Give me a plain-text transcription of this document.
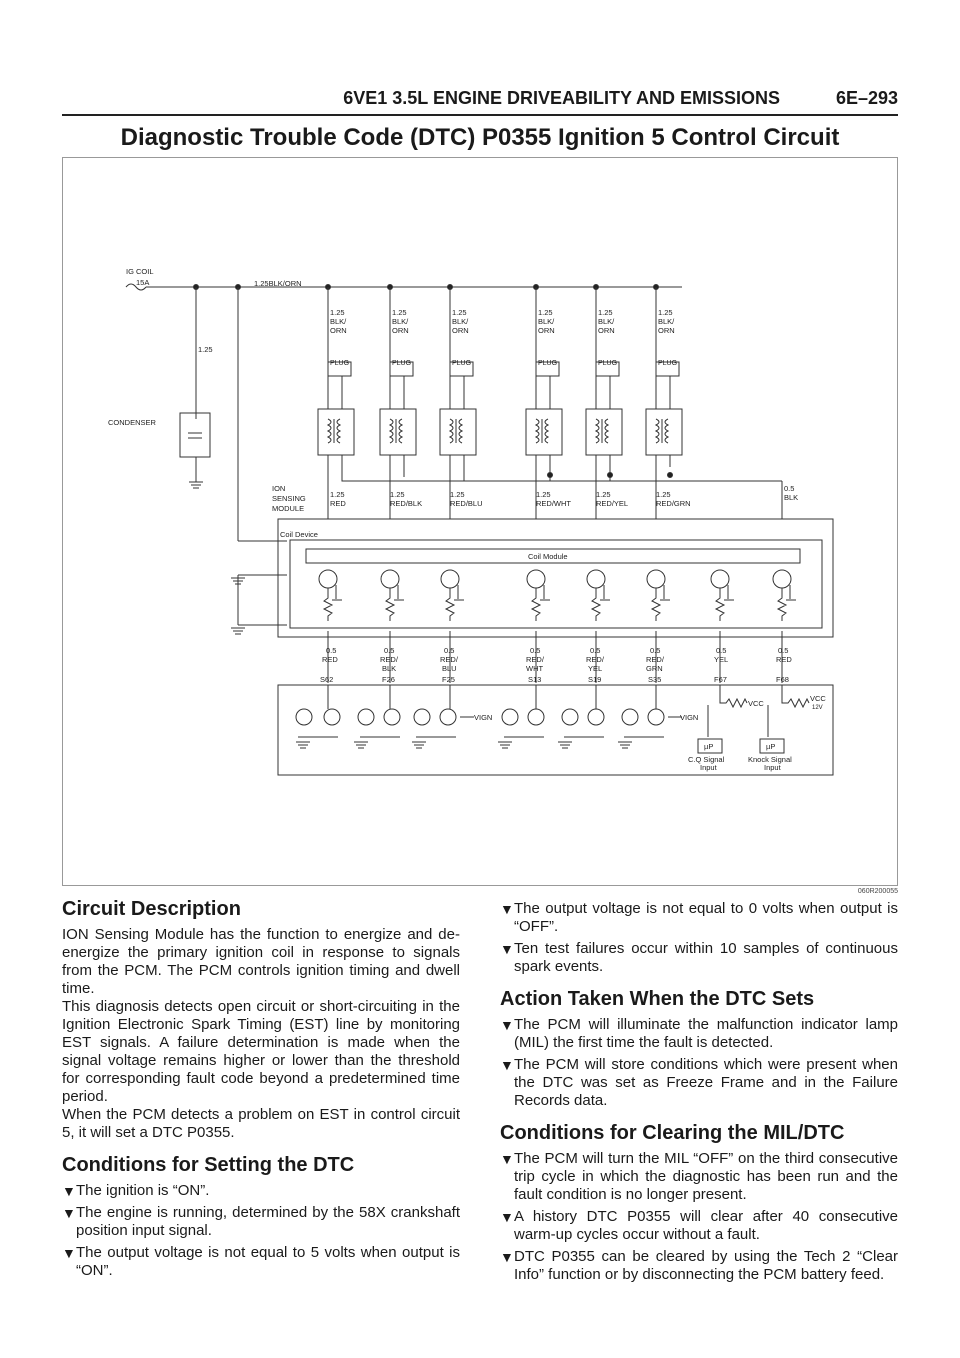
6VE1 3.5L ENGINE DRIVEABILITY AND EMISSIONS	6E–293
Diagnostic Trouble Code (DTC) P0355 Ignition 5 Control Circuit
IG COIL
15A	1.25BLK/ORN
1.25
CONDENSER
PLUG	PLUG	PLUG	PLUG	PLUG	PLUG
1.25
BLK/
ORN
1.25
BLK/
ORN
1.25
BLK/
ORN
1.25
BLK/
ORN
1.25
BLK/
ORN
1.25
BLK/
ORN
ION
SENSING
MODULE
1.25
RED
1.25
RED/BLK
1.25
RED/BLU
1.25
RED/WHT
1.25
RED/YEL
1.25
RED/GRN
0.5
BLK
Coil Device
Coil Module
0.5
RED
0.5
RED/
BLK
0.5
RED/
BLU
0.5
RED/
WHT
0.5
RED/
YEL
0.5
RED/
GRN
0.5
YEL
0.5
RED
S62	F26	F25	S13	S19	S35	F67	F68
VIGN	VIGN
VCC
VCC
12V
µP	µP
C.Q Signal
Input
Knock Signal
Input
060R200055
Circuit Description

ION Sensing Module has the function to energize and de-energize the primary ignition coil in response to signals from the PCM. The PCM controls ignition timing and dwell time.

This diagnosis detects open circuit or short-circuiting in the Ignition Electronic Spark Timing (EST) line by monitoring EST signals. A failure determination is made when the signal voltage remains higher or lower than the threshold for corresponding fault code beyond a predetermined time period.

When the PCM detects a problem on EST in control circuit 5, it will set a DTC P0355.

Conditions for Setting the DTC
▼ The ignition is “ON”.
▼ The engine is running, determined by the 58X crankshaft position input signal.
▼ The output voltage is not equal to 5 volts when output is “ON”.
▼ The output voltage is not equal to 0 volts when output is “OFF”.
▼ Ten test failures occur within 10 samples of continuous spark events.
Action Taken When the DTC Sets
▼ The PCM will illuminate the malfunction indicator lamp (MIL) the first time the fault is detected.
▼ The PCM will store conditions which were present when the DTC was set as Freeze Frame and in the Failure Records data.
Conditions for Clearing the MIL/DTC
▼ The PCM will turn the MIL “OFF” on the third consecutive trip cycle in which the diagnostic has been run and the fault condition is no longer present.
▼ A history DTC P0355 will clear after 40 consecutive warm-up cycles occur without a fault.
▼ DTC P0355 can be cleared by using the Tech 2 “Clear Info” function or by disconnecting the PCM battery feed.
